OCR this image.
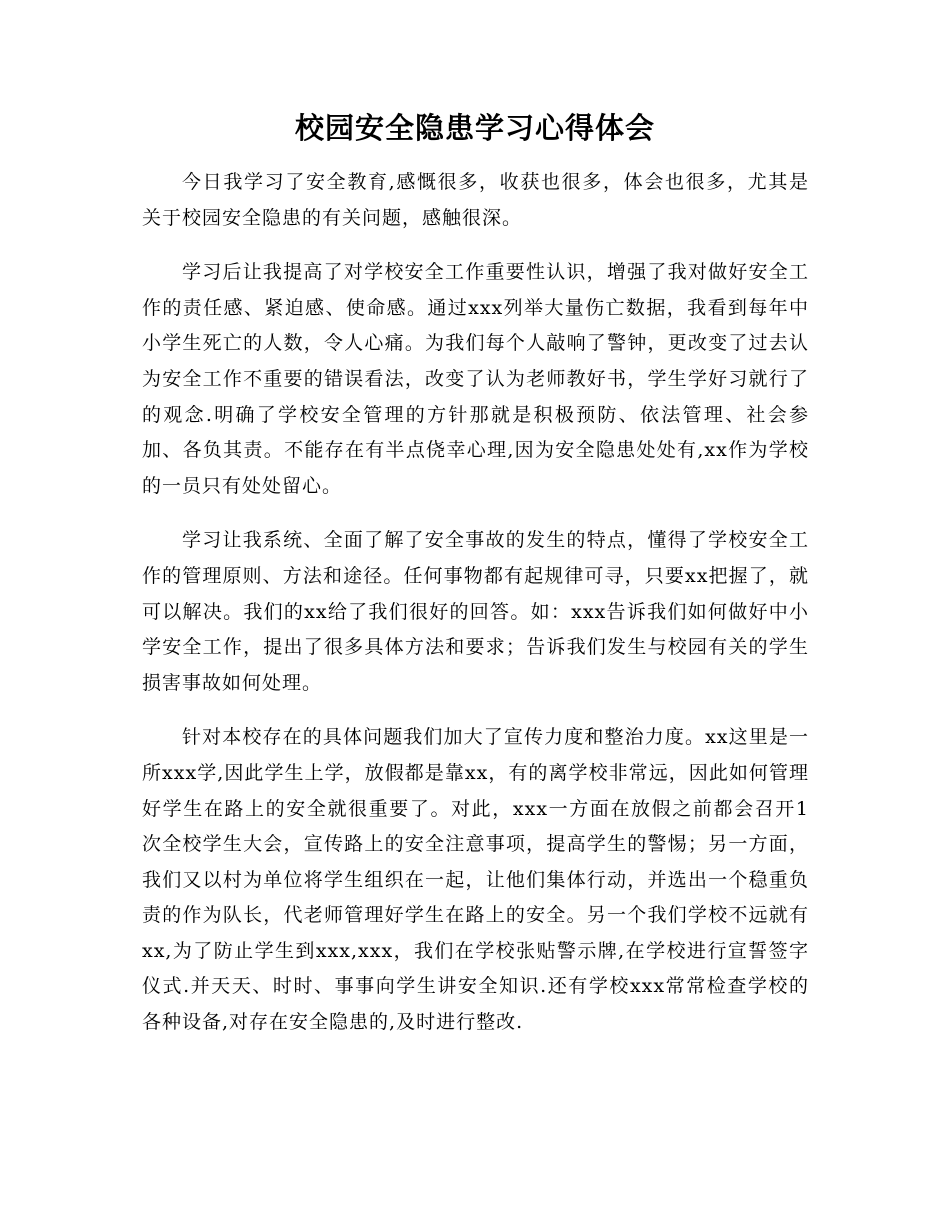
校园安全隐患学习心得体会

今日我学习了安全教育,感慨很多，收获也很多，体会也很多，尤其是关于校园安全隐患的有关问题，感触很深。

学习后让我提高了对学校安全工作重要性认识，增强了我对做好安全工作的责任感、紧迫感、使命感。通过xxx列举大量伤亡数据，我看到每年中小学生死亡的人数，令人心痛。为我们每个人敲响了警钟，更改变了过去认为安全工作不重要的错误看法，改变了认为老师教好书，学生学好习就行了的观念.明确了学校安全管理的方针那就是积极预防、依法管理、社会参加、各负其责。不能存在有半点侥幸心理,因为安全隐患处处有,xx作为学校的一员只有处处留心。

学习让我系统、全面了解了安全事故的发生的特点，懂得了学校安全工作的管理原则、方法和途径。任何事物都有起规律可寻，只要xx把握了，就可以解决。我们的xx给了我们很好的回答。如：xxx告诉我们如何做好中小学安全工作，提出了很多具体方法和要求；告诉我们发生与校园有关的学生损害事故如何处理。

针对本校存在的具体问题我们加大了宣传力度和整治力度。xx这里是一所xxx学,因此学生上学，放假都是靠xx，有的离学校非常远，因此如何管理好学生在路上的安全就很重要了。对此，xxx一方面在放假之前都会召开1次全校学生大会，宣传路上的安全注意事项，提高学生的警惕；另一方面，我们又以村为单位将学生组织在一起，让他们集体行动，并选出一个稳重负责的作为队长，代老师管理好学生在路上的安全。另一个我们学校不远就有xx,为了防止学生到xxx,xxx，我们在学校张贴警示牌,在学校进行宣誓签字仪式.并天天、时时、事事向学生讲安全知识.还有学校xxx常常检查学校的各种设备,对存在安全隐患的,及时进行整改.
